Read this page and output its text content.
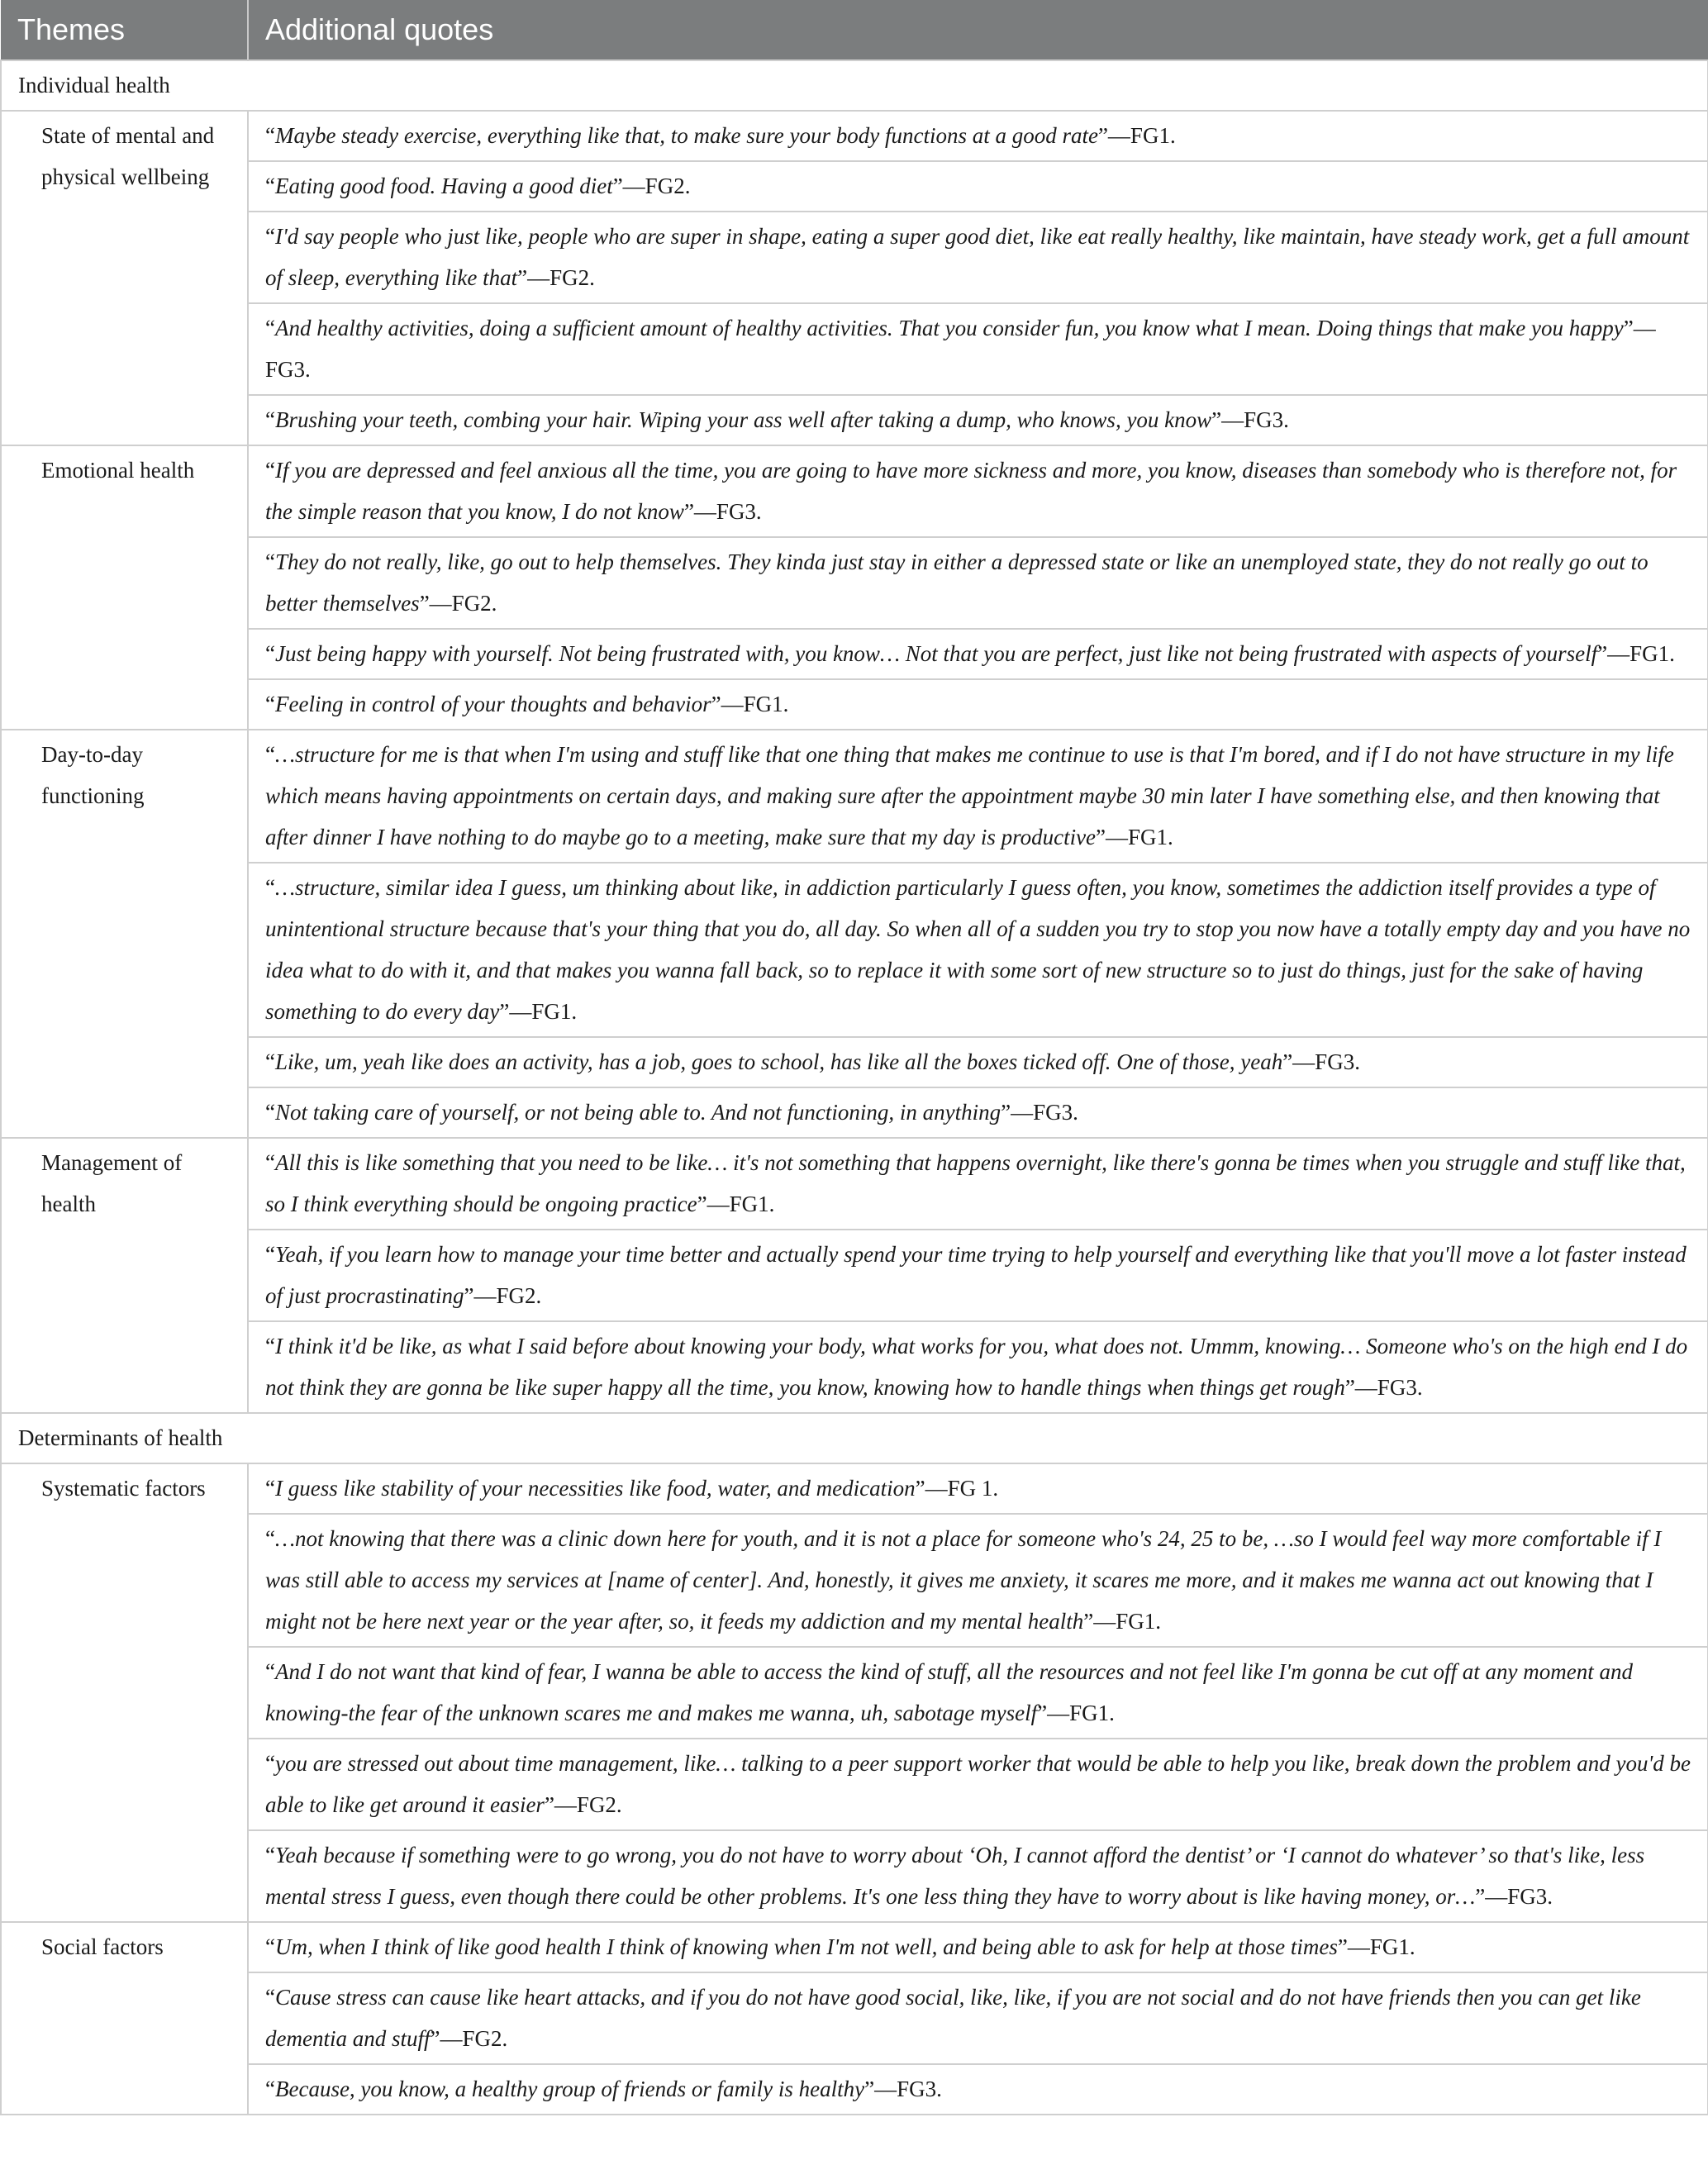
Themes	Additional quotes
Individual health	
State of mental and physical wellbeing	“Maybe steady exercise, everything like that, to make sure your body functions at a good rate”—FG1.
	“Eating good food. Having a good diet”—FG2.
	“I'd say people who just like, people who are super in shape, eating a super good diet, like eat really healthy, like maintain, have steady work, get a full amount of sleep, everything like that”—FG2.
	“And healthy activities, doing a sufficient amount of healthy activities. That you consider fun, you know what I mean. Doing things that make you happy”—FG3.
	“Brushing your teeth, combing your hair. Wiping your ass well after taking a dump, who knows, you know”—FG3.
Emotional health	“If you are depressed and feel anxious all the time, you are going to have more sickness and more, you know, diseases than somebody who is therefore not, for the simple reason that you know, I do not know”—FG3.
	“They do not really, like, go out to help themselves. They kinda just stay in either a depressed state or like an unemployed state, they do not really go out to better themselves”—FG2.
	“Just being happy with yourself. Not being frustrated with, you know… Not that you are perfect, just like not being frustrated with aspects of yourself”—FG1.
	“Feeling in control of your thoughts and behavior”—FG1.
Day-to-day functioning	“…structure for me is that when I'm using and stuff like that one thing that makes me continue to use is that I'm bored, and if I do not have structure in my life which means having appointments on certain days, and making sure after the appointment maybe 30 min later I have something else, and then knowing that after dinner I have nothing to do maybe go to a meeting, make sure that my day is productive”—FG1.
	“…structure, similar idea I guess, um thinking about like, in addiction particularly I guess often, you know, sometimes the addiction itself provides a type of unintentional structure because that's your thing that you do, all day. So when all of a sudden you try to stop you now have a totally empty day and you have no idea what to do with it, and that makes you wanna fall back, so to replace it with some sort of new structure so to just do things, just for the sake of having something to do every day”—FG1.
	“Like, um, yeah like does an activity, has a job, goes to school, has like all the boxes ticked off. One of those, yeah”—FG3.
	“Not taking care of yourself, or not being able to. And not functioning, in anything”—FG3.
Management of health	“All this is like something that you need to be like… it's not something that happens overnight, like there's gonna be times when you struggle and stuff like that, so I think everything should be ongoing practice”—FG1.
	“Yeah, if you learn how to manage your time better and actually spend your time trying to help yourself and everything like that you'll move a lot faster instead of just procrastinating”—FG2.
	“I think it'd be like, as what I said before about knowing your body, what works for you, what does not. Ummm, knowing… Someone who's on the high end I do not think they are gonna be like super happy all the time, you know, knowing how to handle things when things get rough”—FG3.
Determinants of health	
Systematic factors	“I guess like stability of your necessities like food, water, and medication”—FG 1.
	“…not knowing that there was a clinic down here for youth, and it is not a place for someone who's 24, 25 to be, …so I would feel way more comfortable if I was still able to access my services at [name of center]. And, honestly, it gives me anxiety, it scares me more, and it makes me wanna act out knowing that I might not be here next year or the year after, so, it feeds my addiction and my mental health”—FG1.
	“And I do not want that kind of fear, I wanna be able to access the kind of stuff, all the resources and not feel like I'm gonna be cut off at any moment and knowing-the fear of the unknown scares me and makes me wanna, uh, sabotage myself”—FG1.
	“you are stressed out about time management, like… talking to a peer support worker that would be able to help you like, break down the problem and you'd be able to like get around it easier”—FG2.
	“Yeah because if something were to go wrong, you do not have to worry about ‘Oh, I cannot afford the dentist’ or ‘I cannot do whatever’ so that's like, less mental stress I guess, even though there could be other problems. It's one less thing they have to worry about is like having money, or…”—FG3.
Social factors	“Um, when I think of like good health I think of knowing when I'm not well, and being able to ask for help at those times”—FG1.
	“Cause stress can cause like heart attacks, and if you do not have good social, like, like, if you are not social and do not have friends then you can get like dementia and stuff”—FG2.
	“Because, you know, a healthy group of friends or family is healthy”—FG3.
